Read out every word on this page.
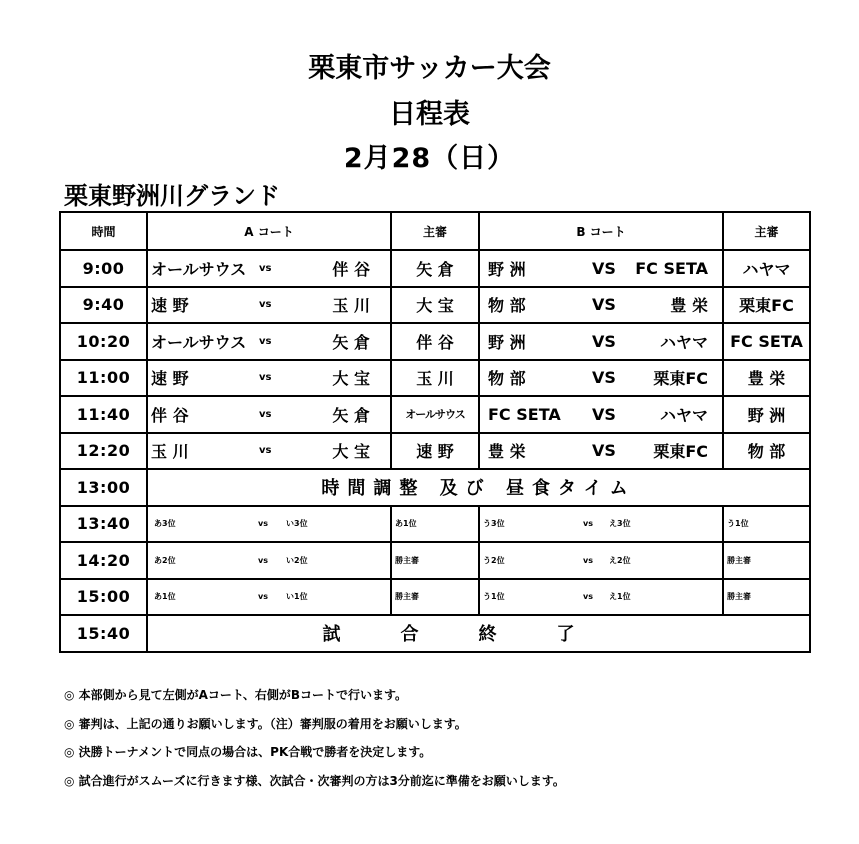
栗東市サッカー大会
日程表
2月28（日）
栗東野洲川グランド
時間	A コート	主審	B コート	主審
9:00	オールサウス vs 伴 谷	矢 倉	野 洲 VS FC SETA	ハヤマ
9:40	速 野 vs 玉 川	大 宝	物 部 VS 豊 栄	栗東FC
10:20	オールサウス vs 矢 倉	伴 谷	野 洲 VS ハヤマ	FC SETA
11:00	速 野 vs 大 宝	玉 川	物 部 VS 栗東FC	豊 栄
11:40	伴 谷 vs 矢 倉	オールサウス	FC SETA VS ハヤマ	野 洲
12:20	玉 川 vs 大 宝	速 野	豊 栄 VS 栗東FC	物 部
13:00	時間調整 及び 昼食タイム			
13:40	あ3位 vs い3位	あ1位	う3位 vs え3位	う1位
14:20	あ2位 vs い2位	勝主審	う2位 vs え2位	勝主審
15:00	あ1位 vs い1位	勝主審	う1位 vs え1位	勝主審
15:40	試合終了			
◎ 本部側から見て左側がAコート、右側がBコートで行います。
◎ 審判は、上記の通りお願いします。（注）審判服の着用をお願いします。
◎ 決勝トーナメントで同点の場合は、PK合戦で勝者を決定します。
◎ 試合進行がスムーズに行きます様、次試合・次審判の方は3分前迄に準備をお願いします。
